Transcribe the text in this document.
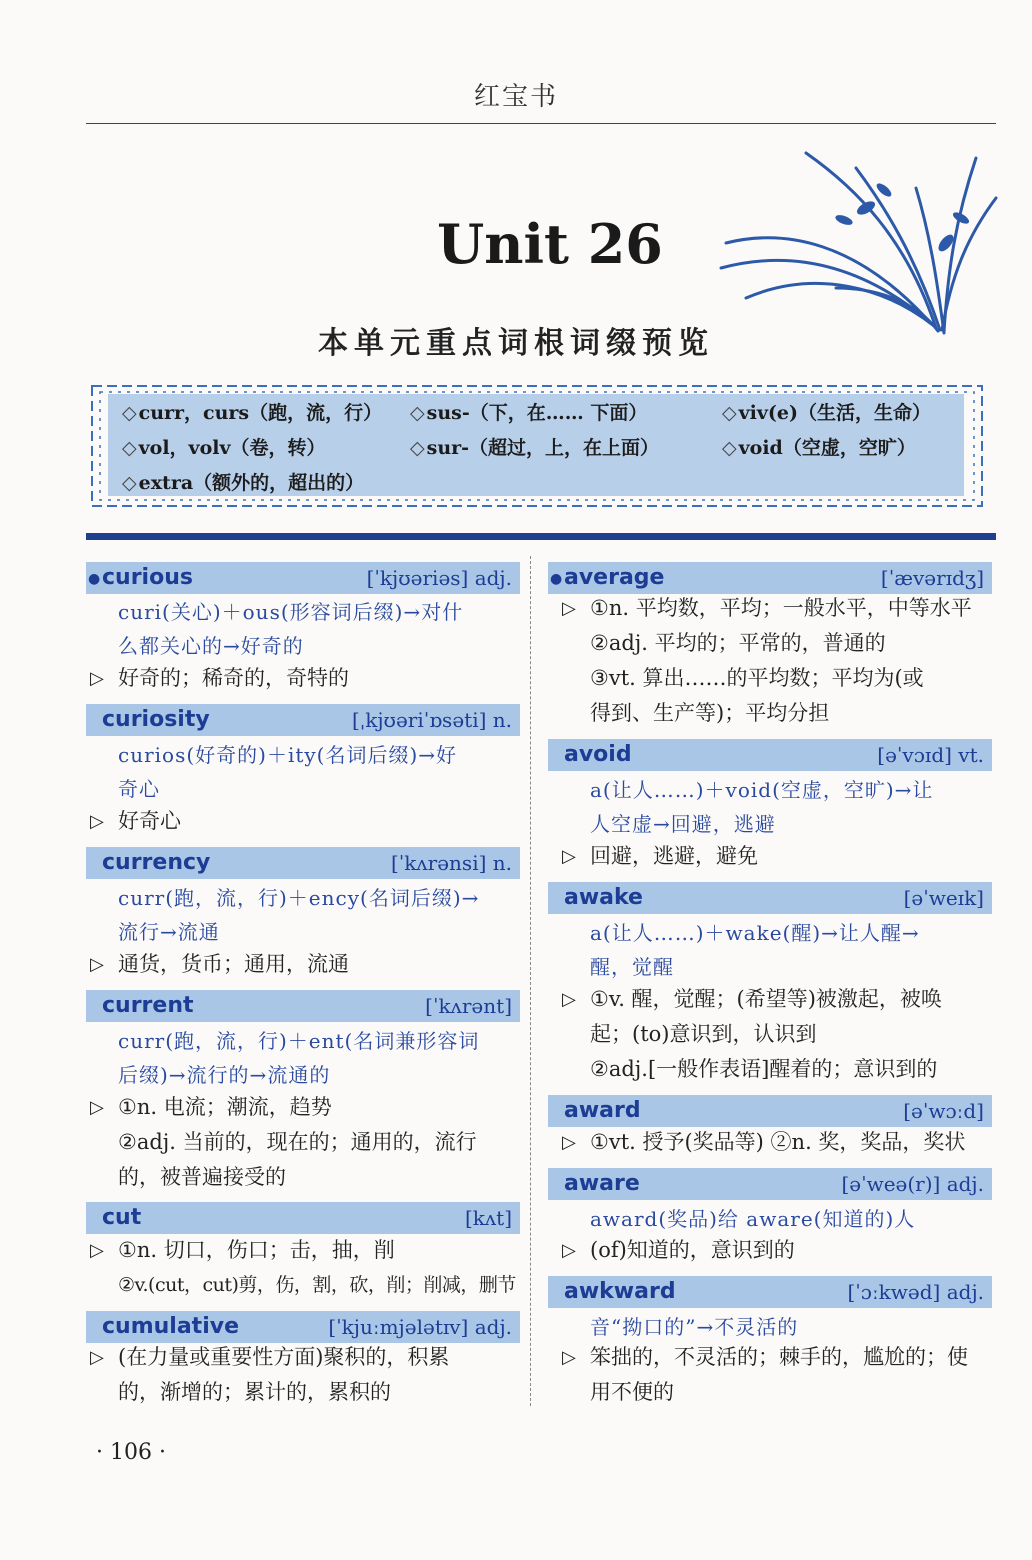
红宝书
Unit 26
本单元重点词根词缀预览
◇ curr，curs（跑，流，行） ◇ sus-（下，在…… 下面）	◇ viv(e)（生活，生命）
◇ vol，volv（卷，转）	◇ sur-（超过，上，在上面）	◇ void（空虚，空旷）
◇ extra（额外的，超出的）
● curious	[ˈkjʊəriəs] adj.
curi(关心)＋ous(形容词后缀)→对什
么都关心的→好奇的
▷ 好奇的；稀奇的，奇特的
curiosity	[ˌkjʊəriˈɒsəti] n.
curios(好奇的)＋ity(名词后缀)→好
奇心
▷ 好奇心
currency	[ˈkʌrənsi] n.
curr(跑，流，行)＋ency(名词后缀)→
流行→流通
▷ 通货，货币；通用，流通
current	[ˈkʌrənt]
curr(跑，流，行)＋ent(名词兼形容词
后缀)→流行的→流通的
▷ ①n. 电流；潮流，趋势
②adj. 当前的，现在的；通用的，流行
的，被普遍接受的
cut	[kʌt]
▷ ①n. 切口，伤口；击，抽，削
②v.(cut，cut)剪，伤，割，砍，削；削减，删节
cumulative	[ˈkjuːmjələtɪv] adj.
▷ (在力量或重要性方面)聚积的，积累
的，渐增的；累计的，累积的
● average	[ˈævərɪdʒ]
▷ ①n. 平均数，平均；一般水平，中等水平
②adj. 平均的；平常的，普通的
③vt. 算出……的平均数；平均为(或
得到、生产等)；平均分担
avoid	[əˈvɔɪd] vt.
a(让人……)＋void(空虚，空旷)→让
人空虚→回避，逃避
▷ 回避，逃避，避免
awake	[əˈweɪk]
a(让人……)＋wake(醒)→让人醒→
醒，觉醒
▷ ①v. 醒，觉醒；(希望等)被激起，被唤
起；(to)意识到，认识到
②adj.[一般作表语]醒着的；意识到的
award	[əˈwɔːd]
▷ ①vt. 授予(奖品等) ②n. 奖，奖品，奖状
aware	[əˈweə(r)] adj.
award(奖品)给 aware(知道的)人
▷ (of)知道的，意识到的
awkward	[ˈɔːkwəd] adj.
音“拗口的”→不灵活的
▷ 笨拙的，不灵活的；棘手的，尴尬的；使
用不便的
· 106 ·
